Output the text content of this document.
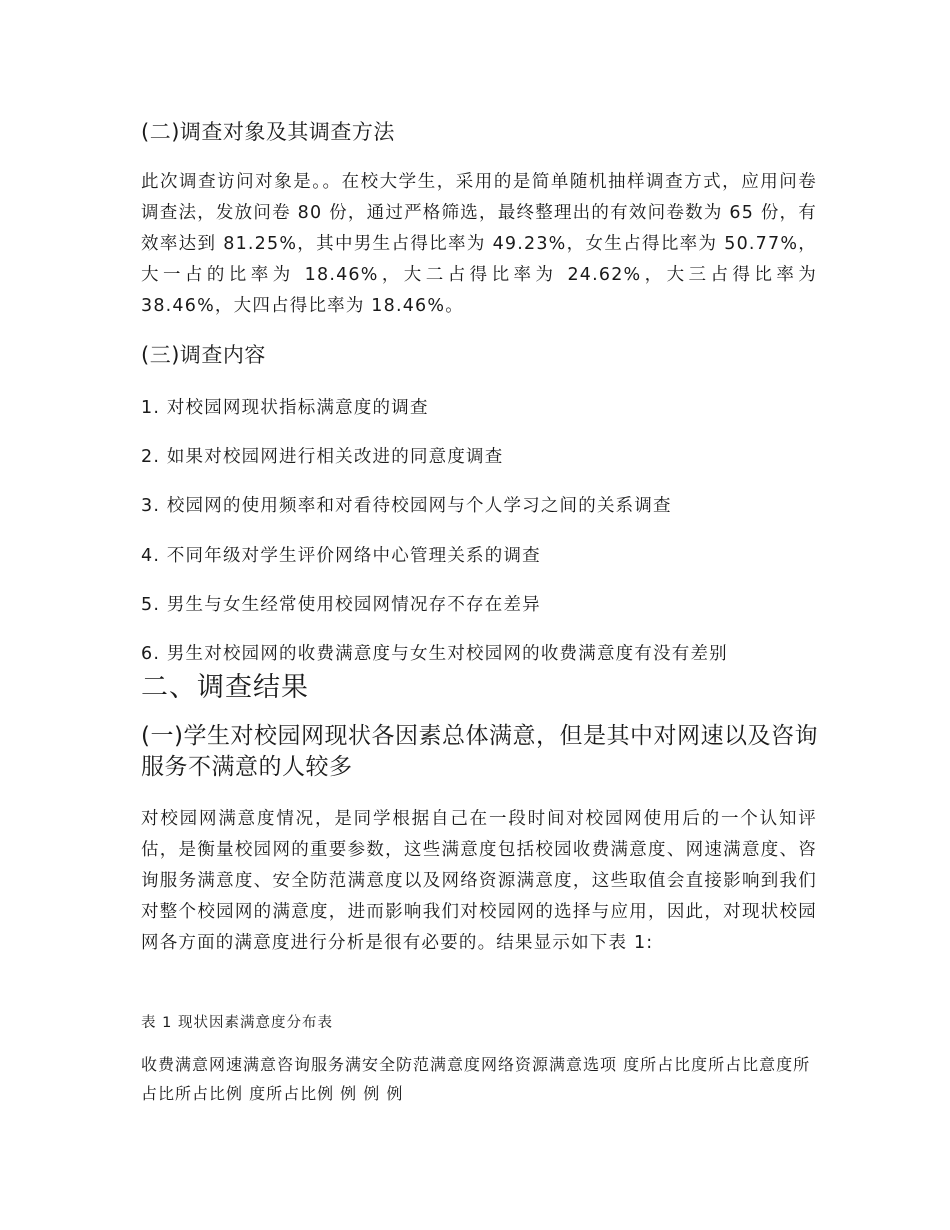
(二)调查对象及其调查方法
此次调查访问对象是。。在校大学生，采用的是简单随机抽样调查方式，应用问卷调查法，发放问卷 80 份，通过严格筛选，最终整理出的有效问卷数为 65 份，有效率达到 81.25%，其中男生占得比率为 49.23%，女生占得比率为 50.77%，大一占的比率为 18.46%，大二占得比率为 24.62%，大三占得比率为 38.46%，大四占得比率为 18.46%。
(三)调查内容
1. 对校园网现状指标满意度的调查
2. 如果对校园网进行相关改进的同意度调查
3. 校园网的使用频率和对看待校园网与个人学习之间的关系调查
4. 不同年级对学生评价网络中心管理关系的调查
5. 男生与女生经常使用校园网情况存不存在差异
6. 男生对校园网的收费满意度与女生对校园网的收费满意度有没有差别
二、调查结果
(一)学生对校园网现状各因素总体满意，但是其中对网速以及咨询服务不满意的人较多
对校园网满意度情况，是同学根据自己在一段时间对校园网使用后的一个认知评估，是衡量校园网的重要参数，这些满意度包括校园收费满意度、网速满意度、咨询服务满意度、安全防范满意度以及网络资源满意度，这些取值会直接影响到我们对整个校园网的满意度，进而影响我们对校园网的选择与应用，因此，对现状校园网各方面的满意度进行分析是很有必要的。结果显示如下表 1:
表 1 现状因素满意度分布表
收费满意网速满意咨询服务满安全防范满意度网络资源满意选项 度所占比度所占比意度所占比所占比例 度所占比例 例 例 例
